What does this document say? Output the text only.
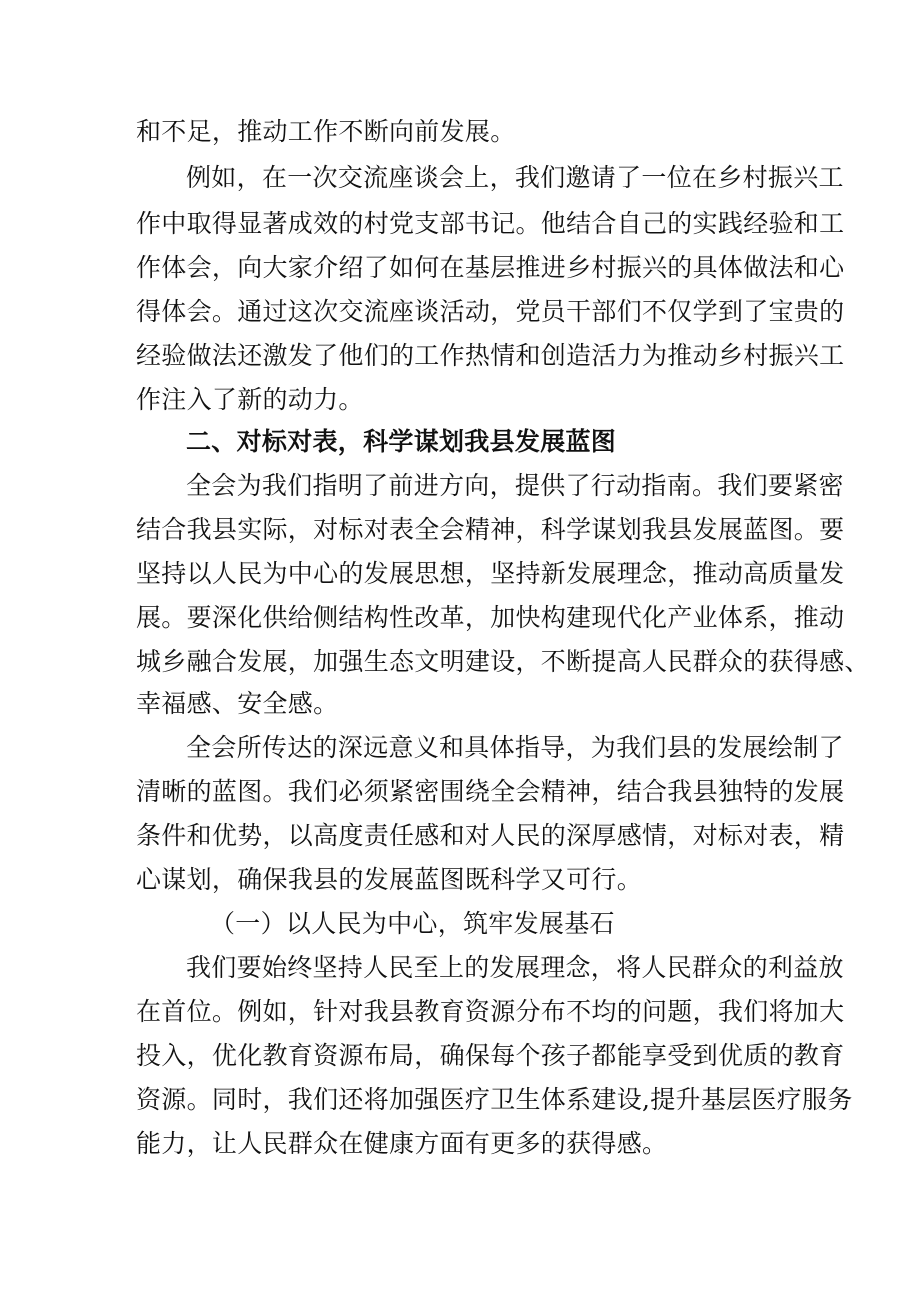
和不足，推动工作不断向前发展。
例如，在一次交流座谈会上，我们邀请了一位在乡村振兴工
作中取得显著成效的村党支部书记。他结合自己的实践经验和工
作体会，向大家介绍了如何在基层推进乡村振兴的具体做法和心
得体会。通过这次交流座谈活动，党员干部们不仅学到了宝贵的
经验做法还激发了他们的工作热情和创造活力为推动乡村振兴工
作注入了新的动力。
二、对标对表，科学谋划我县发展蓝图
全会为我们指明了前进方向，提供了行动指南。我们要紧密
结合我县实际，对标对表全会精神，科学谋划我县发展蓝图。要
坚持以人民为中心的发展思想，坚持新发展理念，推动高质量发
展。要深化供给侧结构性改革，加快构建现代化产业体系，推动
城乡融合发展，加强生态文明建设，不断提高人民群众的获得感、
幸福感、安全感。
全会所传达的深远意义和具体指导，为我们县的发展绘制了
清晰的蓝图。我们必须紧密围绕全会精神，结合我县独特的发展
条件和优势，以高度责任感和对人民的深厚感情，对标对表，精
心谋划，确保我县的发展蓝图既科学又可行。
（一）以人民为中心，筑牢发展基石
我们要始终坚持人民至上的发展理念，将人民群众的利益放
在首位。例如，针对我县教育资源分布不均的问题，我们将加大
投入，优化教育资源布局，确保每个孩子都能享受到优质的教育
资源。同时，我们还将加强医疗卫生体系建设,提升基层医疗服务
能力，让人民群众在健康方面有更多的获得感。
